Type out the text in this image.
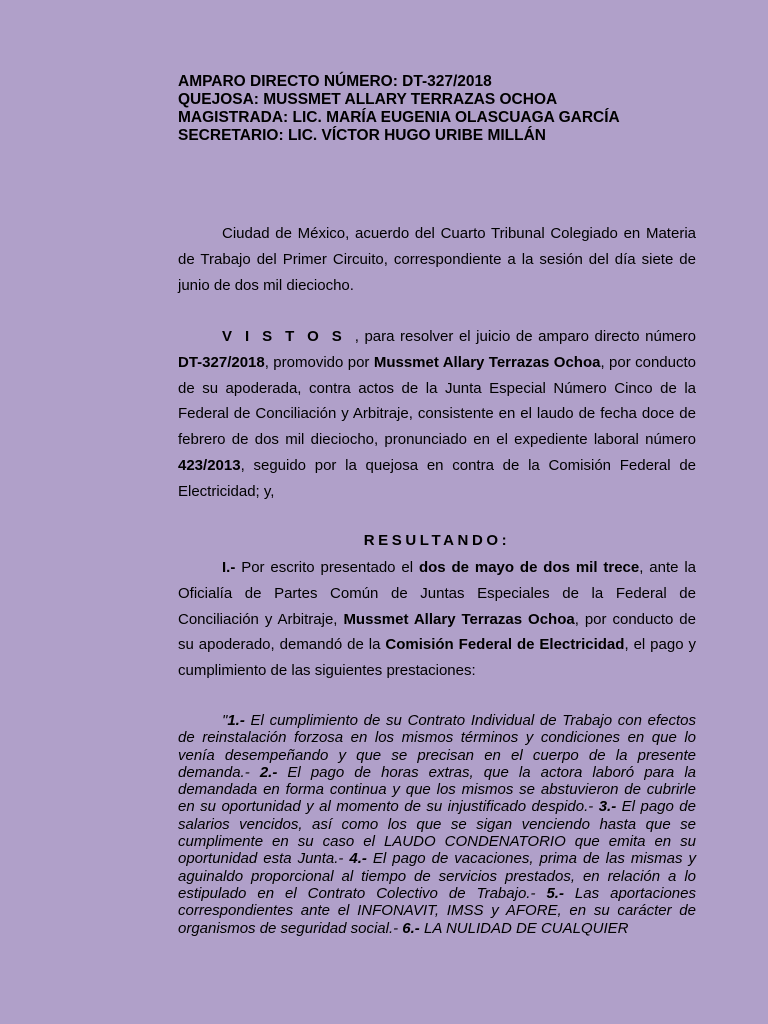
AMPARO DIRECTO NÚMERO: DT-327/2018
QUEJOSA: MUSSMET ALLARY TERRAZAS OCHOA
MAGISTRADA: LIC. MARÍA EUGENIA OLASCUAGA GARCÍA
SECRETARIO: LIC. VÍCTOR HUGO URIBE MILLÁN
Ciudad de México, acuerdo del Cuarto Tribunal Colegiado en Materia de Trabajo del Primer Circuito, correspondiente a la sesión del día siete de junio de dos mil dieciocho.
VISTOS, para resolver el juicio de amparo directo número DT-327/2018, promovido por Mussmet Allary Terrazas Ochoa, por conducto de su apoderada, contra actos de la Junta Especial Número Cinco de la Federal de Conciliación y Arbitraje, consistente en el laudo de fecha doce de febrero de dos mil dieciocho, pronunciado en el expediente laboral número 423/2013, seguido por la quejosa en contra de la Comisión Federal de Electricidad; y,
RESULTANDO:
I.- Por escrito presentado el dos de mayo de dos mil trece, ante la Oficialía de Partes Común de Juntas Especiales de la Federal de Conciliación y Arbitraje, Mussmet Allary Terrazas Ochoa, por conducto de su apoderado, demandó de la Comisión Federal de Electricidad, el pago y cumplimiento de las siguientes prestaciones:
"1.- El cumplimiento de su Contrato Individual de Trabajo con efectos de reinstalación forzosa en los mismos términos y condiciones en que lo venía desempeñando y que se precisan en el cuerpo de la presente demanda.- 2.- El pago de horas extras, que la actora laboró para la demandada en forma continua y que los mismos se abstuvieron de cubrirle en su oportunidad y al momento de su injustificado despido.- 3.- El pago de salarios vencidos, así como los que se sigan venciendo hasta que se cumplimente en su caso el LAUDO CONDENATORIO que emita en su oportunidad esta Junta.- 4.- El pago de vacaciones, prima de las mismas y aguinaldo proporcional al tiempo de servicios prestados, en relación a lo estipulado en el Contrato Colectivo de Trabajo.- 5.- Las aportaciones correspondientes ante el INFONAVIT, IMSS y AFORE, en su carácter de organismos de seguridad social.- 6.- LA NULIDAD DE CUALQUIER
